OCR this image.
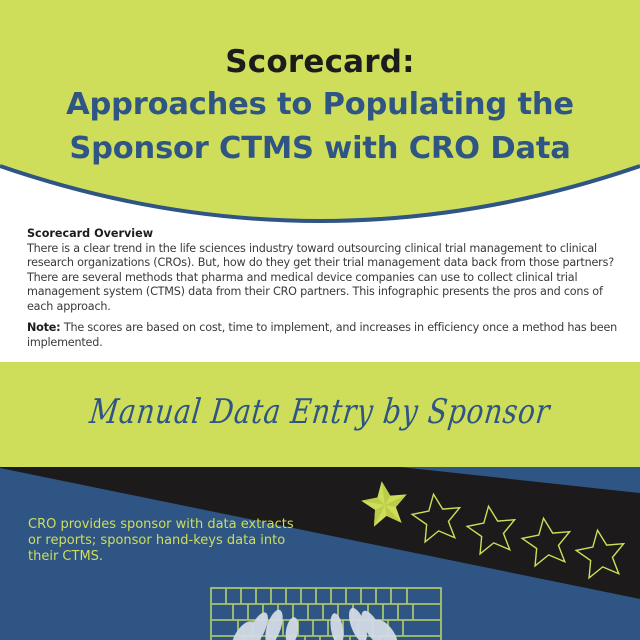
Scorecard:
Approaches to Populating the
Sponsor CTMS with CRO Data
Scorecard Overview
There is a clear trend in the life sciences industry toward outsourcing clinical trial management to clinical research organizations (CROs). But, how do they get their trial management data back from those partners? There are several methods that pharma and medical device companies can use to collect clinical trial management system (CTMS) data from their CRO partners. This infographic presents the pros and cons of each approach.
Note: The scores are based on cost, time to implement, and increases in efficiency once a method has been implemented.
Manual Data Entry by Sponsor
CRO provides sponsor with data extracts or reports; sponsor hand-keys data into their CTMS.
